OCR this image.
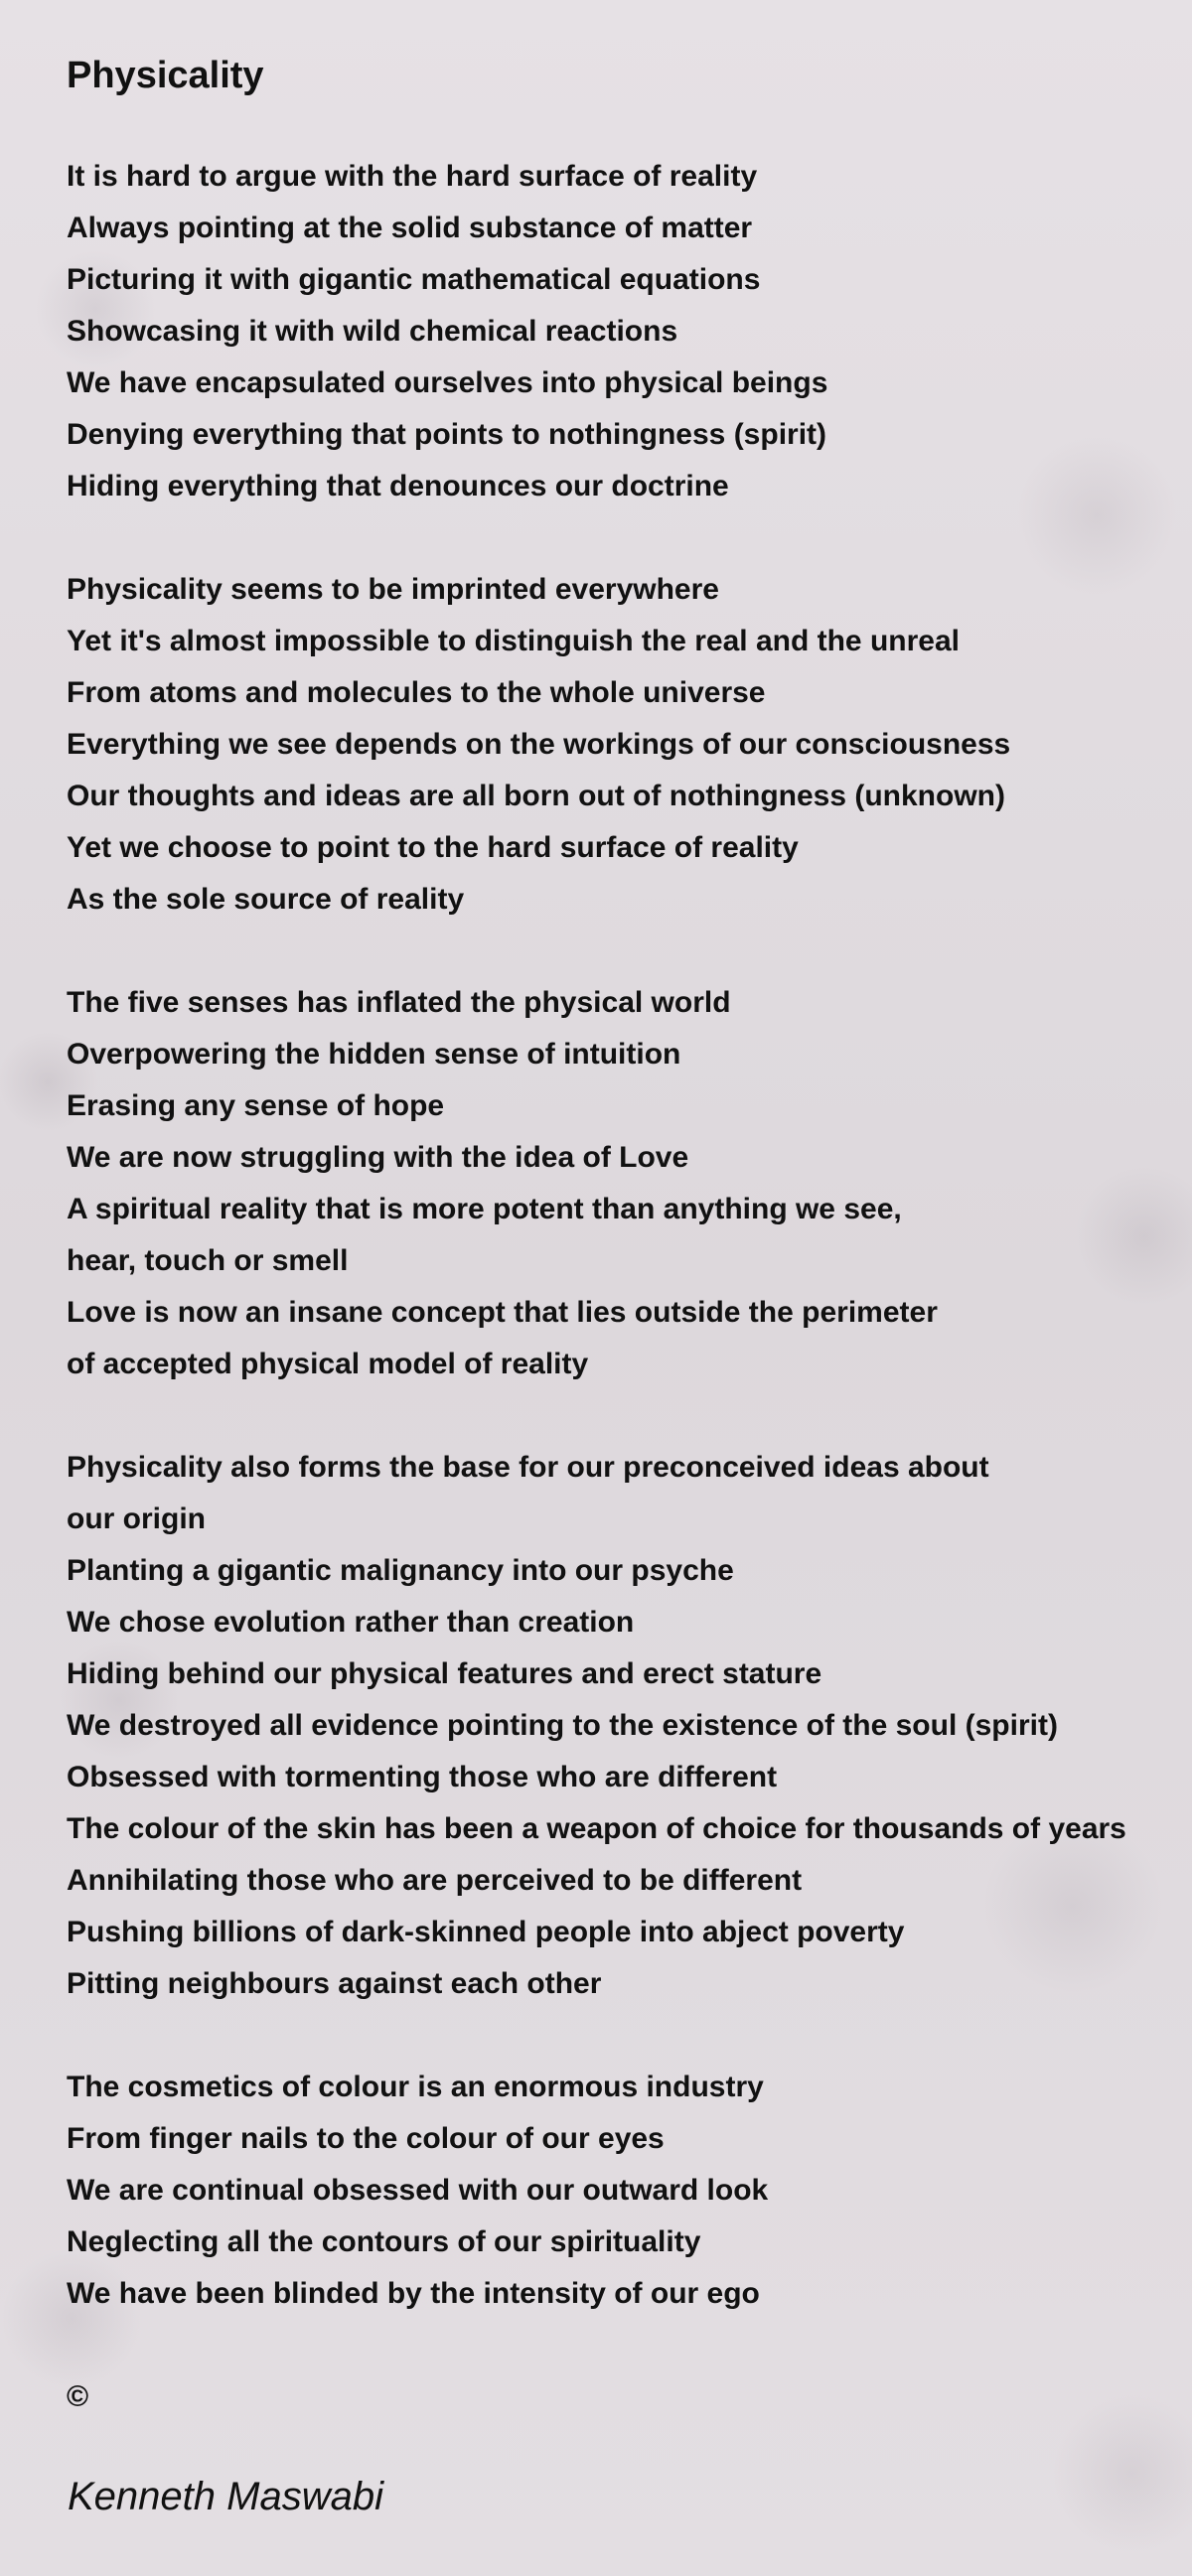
Physicality
It is hard to argue with the hard surface of reality
Always pointing at the solid substance of matter
Picturing it with gigantic mathematical equations
Showcasing it with wild chemical reactions
We have encapsulated ourselves into physical beings
Denying everything that points to nothingness (spirit)
Hiding everything that denounces our doctrine
Physicality seems to be imprinted everywhere
Yet it's almost impossible to distinguish the real and the unreal
From atoms and molecules to the whole universe
Everything we see depends on the workings of our consciousness
Our thoughts and ideas are all born out of nothingness (unknown)
Yet we choose to point to the hard surface of reality
As the sole source of reality
The five senses has inflated the physical world
Overpowering the hidden sense of intuition
Erasing any sense of hope
We are now struggling with the idea of Love
A spiritual reality that is more potent than anything we see,
hear, touch or smell
Love is now an insane concept that lies outside the perimeter
of accepted physical model of reality
Physicality also forms the base for our preconceived ideas about
our origin
Planting a gigantic malignancy into our psyche
We chose evolution rather than creation
Hiding behind our physical features and erect stature
We destroyed all evidence pointing to the existence of the soul (spirit)
Obsessed with tormenting those who are different
The colour of the skin has been a weapon of choice for thousands of years
Annihilating those who are perceived to be different
Pushing billions of dark-skinned people into abject poverty
Pitting neighbours against each other
The cosmetics of colour is an enormous industry
From finger nails to the colour of our eyes
We are continual obsessed with our outward look
Neglecting all the contours of our spirituality
We have been blinded by the intensity of our ego
©
Kenneth Maswabi
